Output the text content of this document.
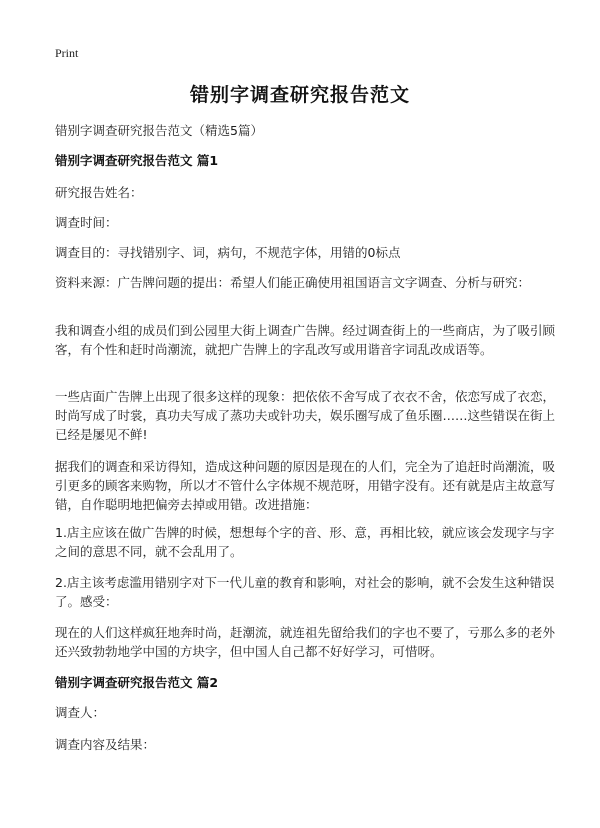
Print
错别字调查研究报告范文
错别字调查研究报告范文（精选5篇）
错别字调查研究报告范文 篇1
研究报告姓名：
调查时间：
调查目的：寻找错别字、词，病句，不规范字体，用错的0标点
资料来源：广告牌问题的提出：希望人们能正确使用祖国语言文字调查、分析与研究：
我和调查小组的成员们到公园里大街上调查广告牌。经过调查街上的一些商店，为了吸引顾客，有个性和赶时尚潮流，就把广告牌上的字乱改写或用谐音字词乱改成语等。
一些店面广告牌上出现了很多这样的现象：把依依不舍写成了衣衣不舍，依恋写成了衣恋，时尚写成了时裳，真功夫写成了蒸功夫或针功夫，娱乐圈写成了鱼乐圈……这些错误在街上已经是屡见不鲜!
据我们的调查和采访得知，造成这种问题的原因是现在的人们，完全为了追赶时尚潮流，吸引更多的顾客来购物，所以才不管什么字体规不规范呀，用错字没有。还有就是店主故意写错，自作聪明地把偏旁去掉或用错。改进措施：
1.店主应该在做广告牌的时候，想想每个字的音、形、意，再相比较，就应该会发现字与字之间的意思不同，就不会乱用了。
2.店主该考虑滥用错别字对下一代儿童的教育和影响，对社会的影响，就不会发生这种错误了。感受：
现在的人们这样疯狂地奔时尚，赶潮流，就连祖先留给我们的字也不要了，亏那么多的老外还兴致勃勃地学中国的方块字，但中国人自己都不好好学习，可惜呀。
错别字调查研究报告范文 篇2
调查人：
调查内容及结果：
